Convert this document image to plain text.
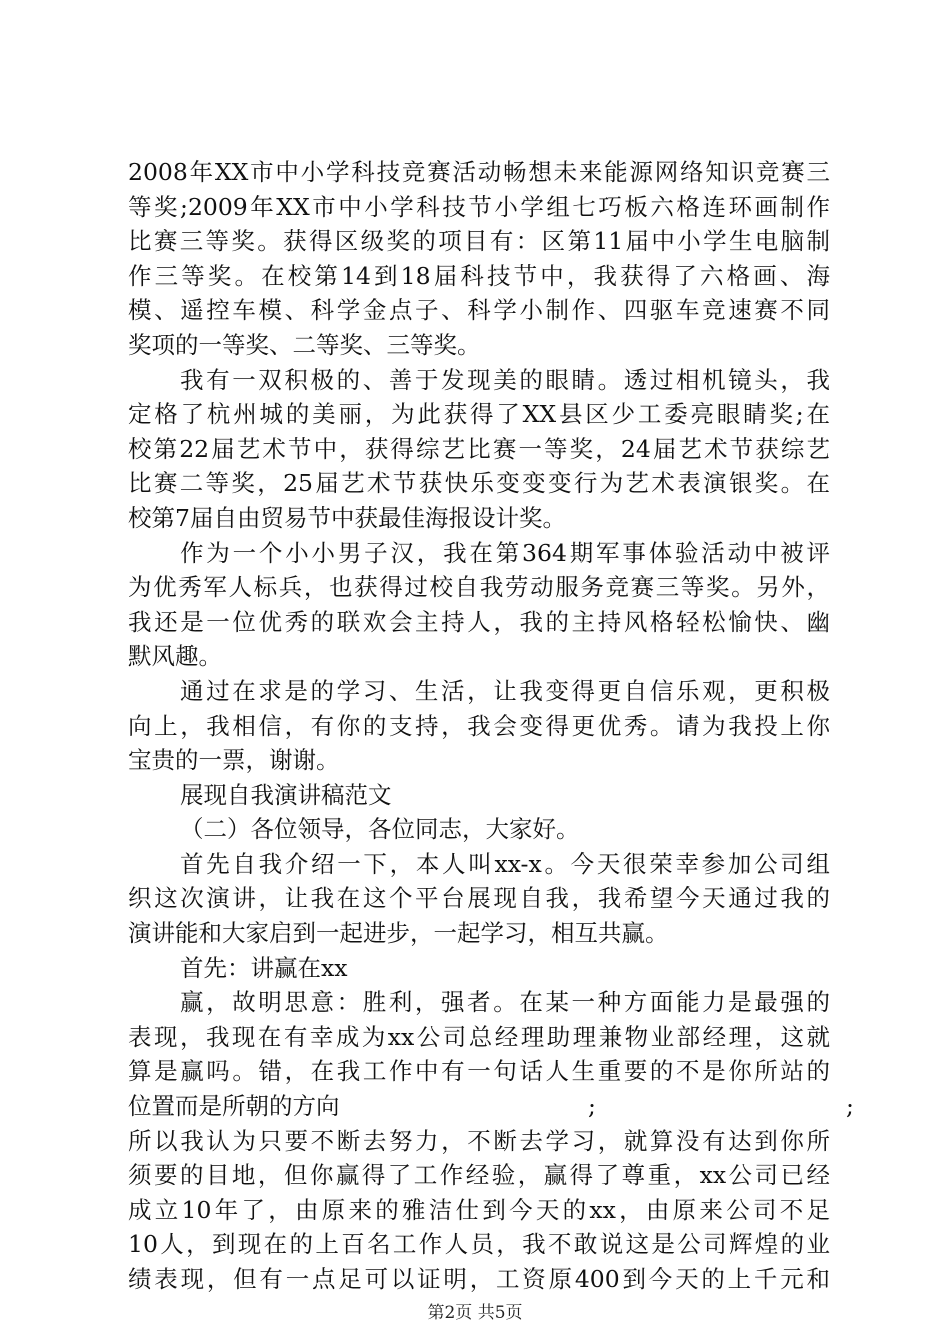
2008年XX市中小学科技竞赛活动畅想未来能源网络知识竞赛三
等奖;2009年XX市中小学科技节小学组七巧板六格连环画制作
比赛三等奖。获得区级奖的项目有：区第11届中小学生电脑制
作三等奖。在校第14到18届科技节中，我获得了六格画、海
模、遥控车模、科学金点子、科学小制作、四驱车竞速赛不同
奖项的一等奖、二等奖、三等奖。
我有一双积极的、善于发现美的眼睛。透过相机镜头，我
定格了杭州城的美丽，为此获得了XX县区少工委亮眼睛奖;在
校第22届艺术节中，获得综艺比赛一等奖，24届艺术节获综艺
比赛二等奖，25届艺术节获快乐变变变行为艺术表演银奖。在
校第7届自由贸易节中获最佳海报设计奖。
作为一个小小男子汉，我在第364期军事体验活动中被评
为优秀军人标兵，也获得过校自我劳动服务竞赛三等奖。另外，
我还是一位优秀的联欢会主持人，我的主持风格轻松愉快、幽
默风趣。
通过在求是的学习、生活，让我变得更自信乐观，更积极
向上，我相信，有你的支持，我会变得更优秀。请为我投上你
宝贵的一票，谢谢。
展现自我演讲稿范文
（二）各位领导，各位同志，大家好。
首先自我介绍一下，本人叫xx-x。今天很荣幸参加公司组
织这次演讲，让我在这个平台展现自我，我希望今天通过我的
演讲能和大家启到一起进步，一起学习，相互共赢。
首先：讲赢在xx
赢，故明思意：胜利，强者。在某一种方面能力是最强的
表现，我现在有幸成为xx公司总经理助理兼物业部经理，这就
算是赢吗。错，在我工作中有一句话人生重要的不是你所站的
位置而是所朝的方向	;	;
所以我认为只要不断去努力，不断去学习，就算没有达到你所
须要的目地，但你赢得了工作经验，赢得了尊重，xx公司已经
成立10年了，由原来的雅洁仕到今天的xx，由原来公司不足
10人，到现在的上百名工作人员，我不敢说这是公司辉煌的业
绩表现，但有一点足可以证明，工资原400到今天的上千元和
第2页 共5页
